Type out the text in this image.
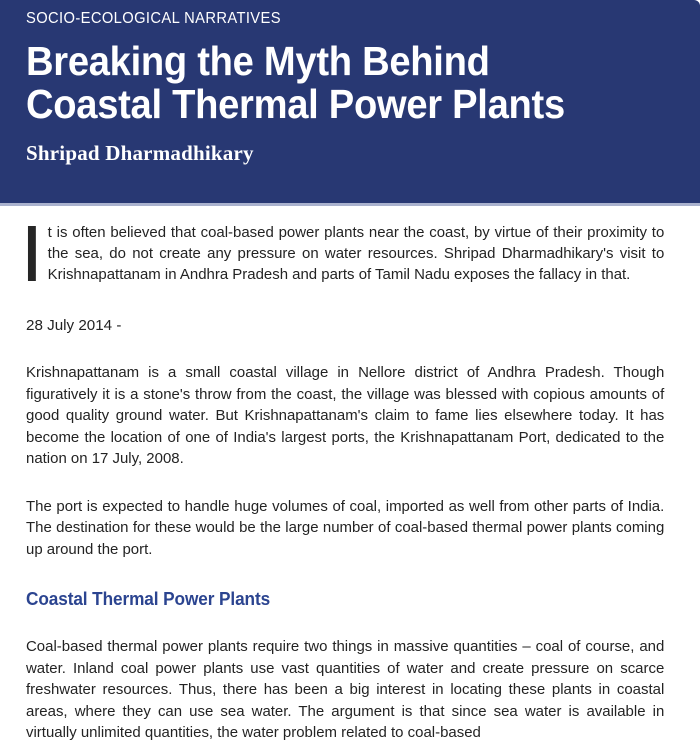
SOCIO-ECOLOGICAL NARRATIVES
Breaking the Myth Behind
Coastal Thermal Power Plants
Shripad Dharmadhikary
t is often believed that coal-based power plants near the coast, by virtue of their proximity to the sea, do not create any pressure on water resources. Shripad Dharmadhikary's visit to Krishnapattanam in Andhra Pradesh and parts of Tamil Nadu exposes the fallacy in that.
28 July 2014 -

Krishnapattanam is a small coastal village in Nellore district of Andhra Pradesh. Though figuratively it is a stone's throw from the coast, the village was blessed with copious amounts of good quality ground water. But Krishnapattanam's claim to fame lies elsewhere today. It has become the location of one of India's largest ports, the Krishnapattanam Port, dedicated to the nation on 17 July, 2008.

The port is expected to handle huge volumes of coal, imported as well from other parts of India. The destination for these would be the large number of coal-based thermal power plants coming up around the port.

Coastal Thermal Power Plants

Coal-based thermal power plants require two things in massive quantities – coal of course, and water. Inland coal power plants use vast quantities of water and create pressure on scarce freshwater resources. Thus, there has been a big interest in locating these plants in coastal areas, where they can use sea water. The argument is that since sea water is available in virtually unlimited quantities, the water problem related to coal-based
